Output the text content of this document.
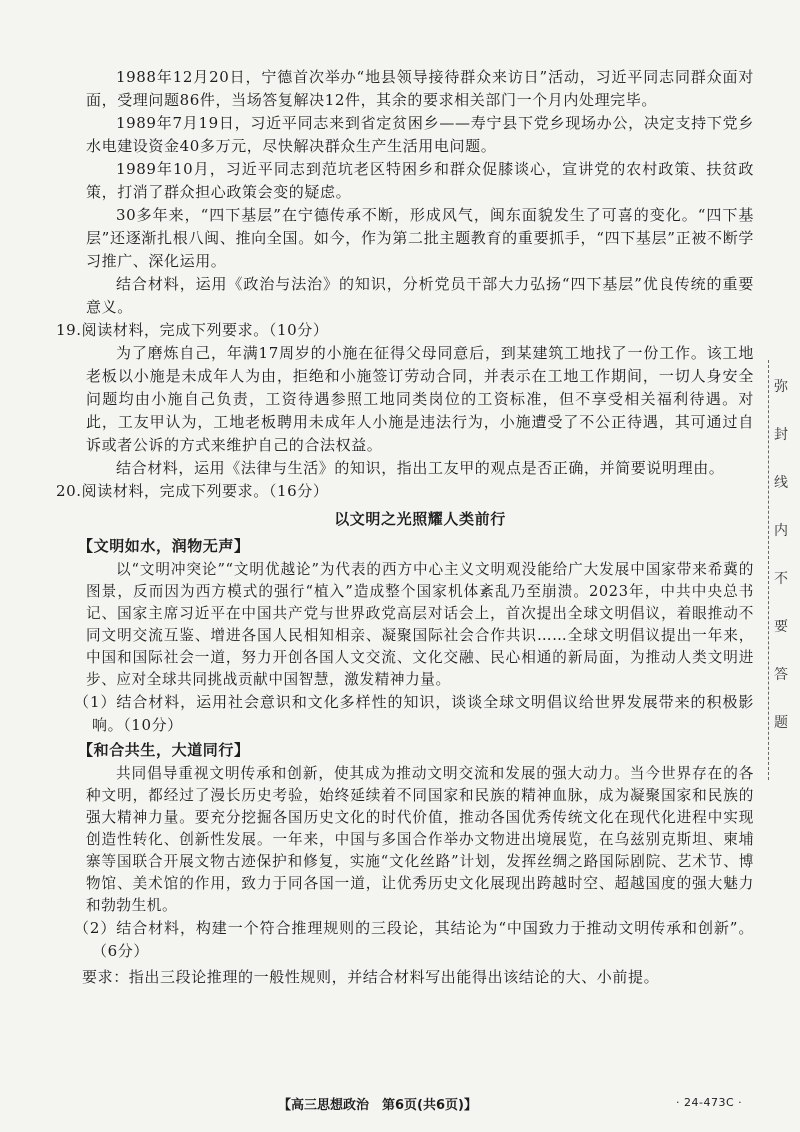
1988年12月20日，宁德首次举办“地县领导接待群众来访日”活动，习近平同志同群众面对面，受理问题86件，当场答复解决12件，其余的要求相关部门一个月内处理完毕。

1989年7月19日，习近平同志来到省定贫困乡——寿宁县下党乡现场办公，决定支持下党乡水电建设资金40多万元，尽快解决群众生产生活用电问题。

1989年10月，习近平同志到范坑老区特困乡和群众促膝谈心，宣讲党的农村政策、扶贫政策，打消了群众担心政策会变的疑虑。

30多年来，“四下基层”在宁德传承不断，形成风气，闽东面貌发生了可喜的变化。“四下基层”还逐渐扎根八闽、推向全国。如今，作为第二批主题教育的重要抓手，“四下基层”正被不断学习推广、深化运用。

结合材料，运用《政治与法治》的知识，分析党员干部大力弘扬“四下基层”优良传统的重要意义。

19.阅读材料，完成下列要求。（10分）

为了磨炼自己，年满17周岁的小施在征得父母同意后，到某建筑工地找了一份工作。该工地老板以小施是未成年人为由，拒绝和小施签订劳动合同，并表示在工地工作期间，一切人身安全问题均由小施自己负责，工资待遇参照工地同类岗位的工资标准，但不享受相关福利待遇。对此，工友甲认为，工地老板聘用未成年人小施是违法行为，小施遭受了不公正待遇，其可通过自诉或者公诉的方式来维护自己的合法权益。

结合材料，运用《法律与生活》的知识，指出工友甲的观点是否正确，并简要说明理由。

20.阅读材料，完成下列要求。（16分）

以文明之光照耀人类前行

【文明如水，润物无声】

以“文明冲突论”“文明优越论”为代表的西方中心主义文明观没能给广大发展中国家带来希冀的图景，反而因为西方模式的强行“植入”造成整个国家机体紊乱乃至崩溃。2023年，中共中央总书记、国家主席习近平在中国共产党与世界政党高层对话会上，首次提出全球文明倡议，着眼推动不同文明交流互鉴、增进各国人民相知相亲、凝聚国际社会合作共识……全球文明倡议提出一年来，中国和国际社会一道，努力开创各国人文交流、文化交融、民心相通的新局面，为推动人类文明进步、应对全球共同挑战贡献中国智慧，激发精神力量。

（1）结合材料，运用社会意识和文化多样性的知识，谈谈全球文明倡议给世界发展带来的积极影响。（10分）

【和合共生，大道同行】

共同倡导重视文明传承和创新，使其成为推动文明交流和发展的强大动力。当今世界存在的各种文明，都经过了漫长历史考验，始终延续着不同国家和民族的精神血脉，成为凝聚国家和民族的强大精神力量。要充分挖掘各国历史文化的时代价值，推动各国优秀传统文化在现代化进程中实现创造性转化、创新性发展。一年来，中国与多国合作举办文物进出境展览，在乌兹别克斯坦、柬埔寨等国联合开展文物古迹保护和修复，实施“文化丝路”计划，发挥丝绸之路国际剧院、艺术节、博物馆、美术馆的作用，致力于同各国一道，让优秀历史文化展现出跨越时空、超越国度的强大魅力和勃勃生机。

（2）结合材料，构建一个符合推理规则的三段论，其结论为“中国致力于推动文明传承和创新”。（6分）

要求：指出三段论推理的一般性规则，并结合材料写出能得出该结论的大、小前提。

弥
封
线
内
不
要
答
题
【高三思想政治　第6页(共6页)】	· 24-473C ·
